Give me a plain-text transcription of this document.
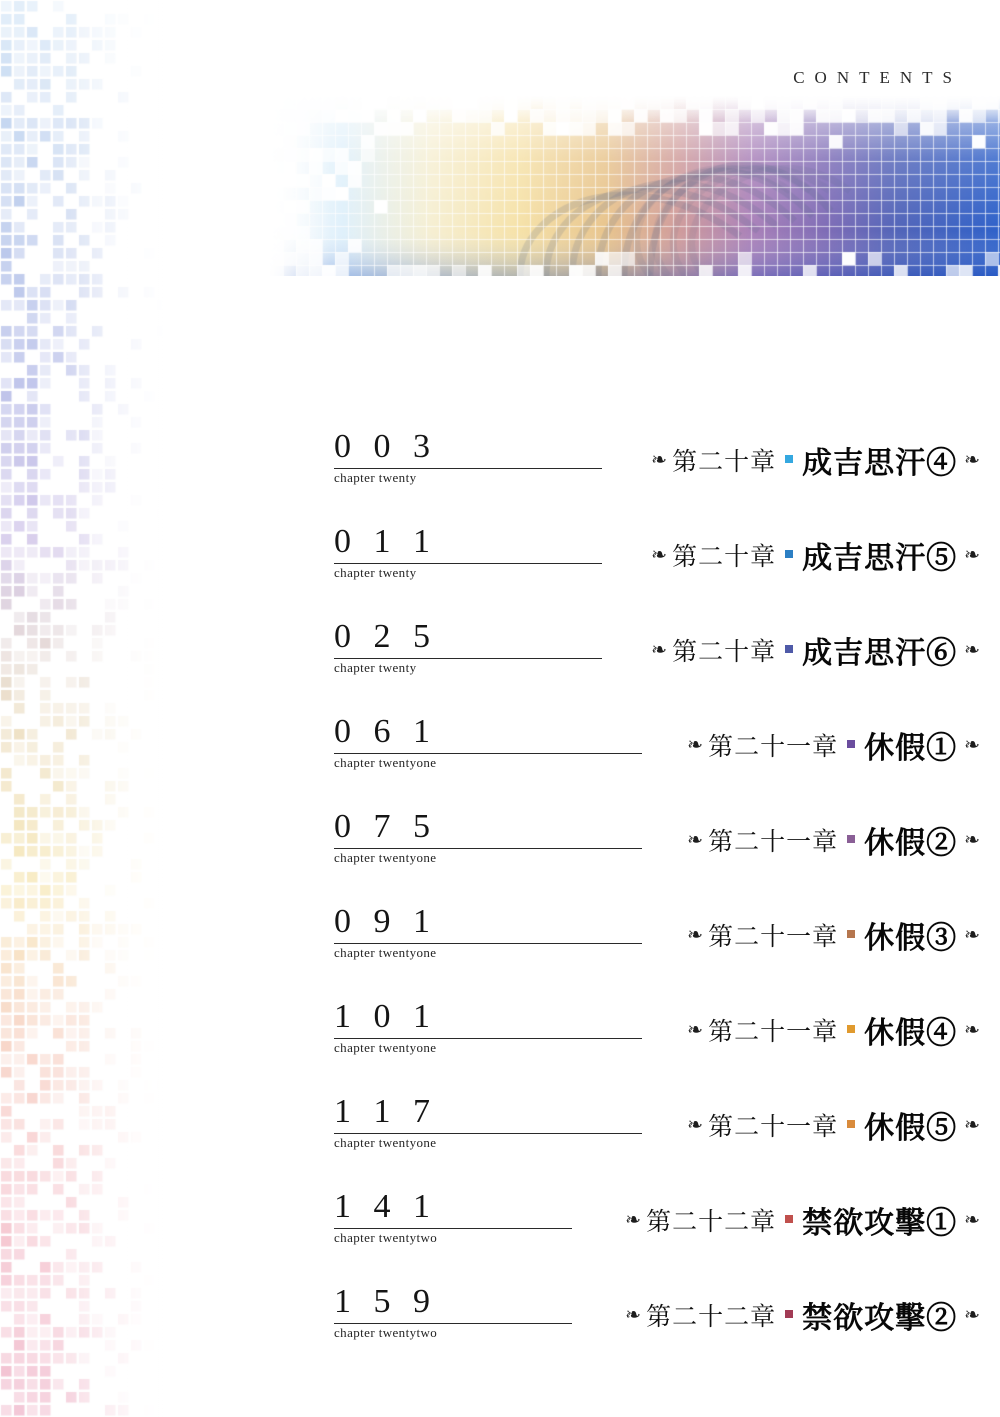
CONTENTS
0 0 3
chapter twenty
❧ 第二十章 成吉思汗④ ❧
0 1 1
chapter twenty
❧ 第二十章 成吉思汗⑤ ❧
0 2 5
chapter twenty
❧ 第二十章 成吉思汗⑥ ❧
0 6 1
chapter twentyone
❧ 第二十一章 休假① ❧
0 7 5
chapter twentyone
❧ 第二十一章 休假② ❧
0 9 1
chapter twentyone
❧ 第二十一章 休假③ ❧
1 0 1
chapter twentyone
❧ 第二十一章 休假④ ❧
1 1 7
chapter twentyone
❧ 第二十一章 休假⑤ ❧
1 4 1
chapter twentytwo
❧ 第二十二章 禁欲攻擊① ❧
1 5 9
chapter twentytwo
❧ 第二十二章 禁欲攻擊② ❧
